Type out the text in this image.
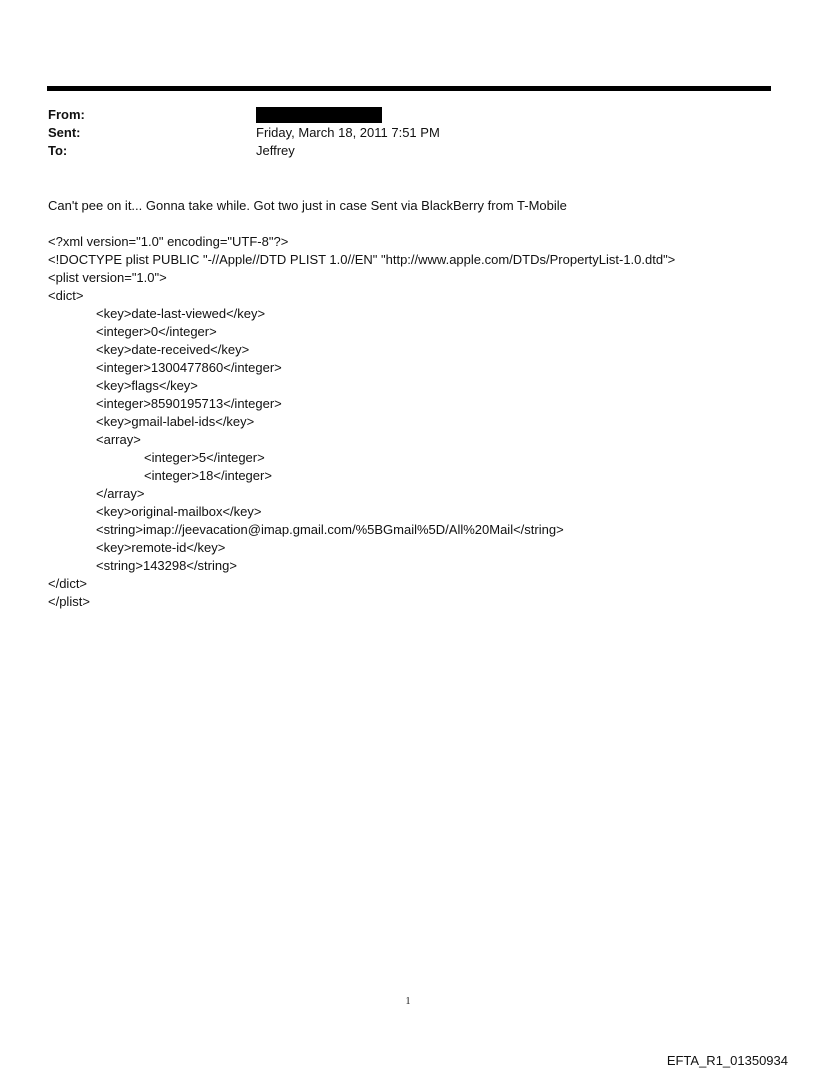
From:
Sent:	Friday, March 18, 2011 7:51 PM
To:	Jeffrey
Can't pee on it... Gonna take while. Got two just in case Sent via BlackBerry from T-Mobile
<?xml version="1.0" encoding="UTF-8"?>
<!DOCTYPE plist PUBLIC "-//Apple//DTD PLIST 1.0//EN" "http://www.apple.com/DTDs/PropertyList-1.0.dtd">
<plist version="1.0">
<dict>
<key>date-last-viewed</key>
<integer>0</integer>
<key>date-received</key>
<integer>1300477860</integer>
<key>flags</key>
<integer>8590195713</integer>
<key>gmail-label-ids</key>
<array>
<integer>5</integer>
<integer>18</integer>
</array>
<key>original-mailbox</key>
<string>imap://jeevacation@imap.gmail.com/%5BGmail%5D/All%20Mail</string>
<key>remote-id</key>
<string>143298</string>
</dict>
</plist>
1
EFTA_R1_01350934
